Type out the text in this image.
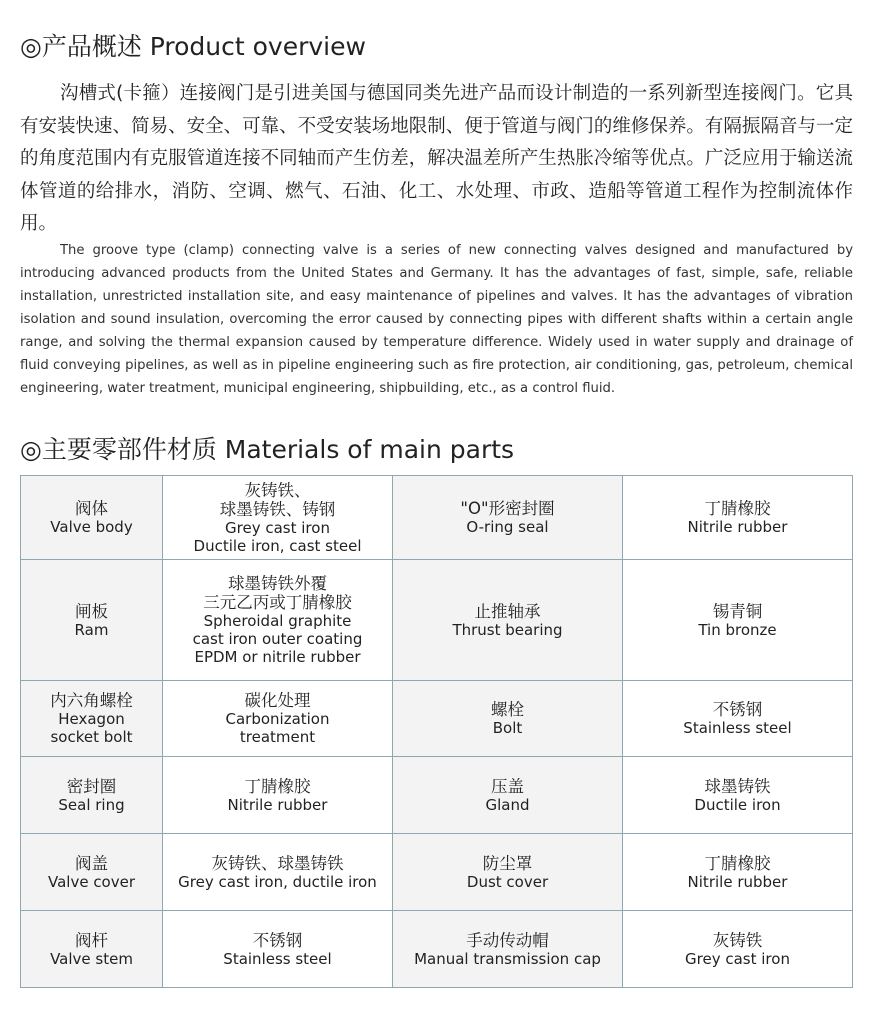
◎产品概述 Product overview

沟槽式(卡箍）连接阀门是引进美国与德国同类先进产品而设计制造的一系列新型连接阀门。它具有安装快速、简易、安全、可靠、不受安装场地限制、便于管道与阀门的维修保养。有隔振隔音与一定的角度范围内有克服管道连接不同轴而产生仿差，解决温差所产生热胀冷缩等优点。广泛应用于输送流体管道的给排水，消防、空调、燃气、石油、化工、水处理、市政、造船等管道工程作为控制流体作用。

The groove type (clamp) connecting valve is a series of new connecting valves designed and manufactured by introducing advanced products from the United States and Germany. It has the advantages of fast, simple, safe, reliable installation, unrestricted installation site, and easy maintenance of pipelines and valves. It has the advantages of vibration isolation and sound insulation, overcoming the error caused by connecting pipes with different shafts within a certain angle range, and solving the thermal expansion caused by temperature difference. Widely used in water supply and drainage of fluid conveying pipelines, as well as in pipeline engineering such as fire protection, air conditioning, gas, petroleum, chemical engineering, water treatment, municipal engineering, shipbuilding, etc., as a control fluid.

◎主要零部件材质 Materials of main parts
阀体
Valve body	灰铸铁、
球墨铸铁、铸钢
Grey cast iron
Ductile iron, cast steel	"O"形密封圈
O-ring seal	丁腈橡胶
Nitrile rubber

闸板
Ram	球墨铸铁外覆
三元乙丙或丁腈橡胶
Spheroidal graphite
cast iron outer coating
EPDM or nitrile rubber	止推轴承
Thrust bearing	锡青铜
Tin bronze

内六角螺栓
Hexagon
socket bolt	碳化处理
Carbonization
treatment	螺栓
Bolt	不锈钢
Stainless steel

密封圈
Seal ring	丁腈橡胶
Nitrile rubber	压盖
Gland	球墨铸铁
Ductile iron

阀盖
Valve cover	灰铸铁、球墨铸铁
Grey cast iron, ductile iron	防尘罩
Dust cover	丁腈橡胶
Nitrile rubber

阀杆
Valve stem	不锈钢
Stainless steel	手动传动帽
Manual transmission cap	灰铸铁
Grey cast iron
